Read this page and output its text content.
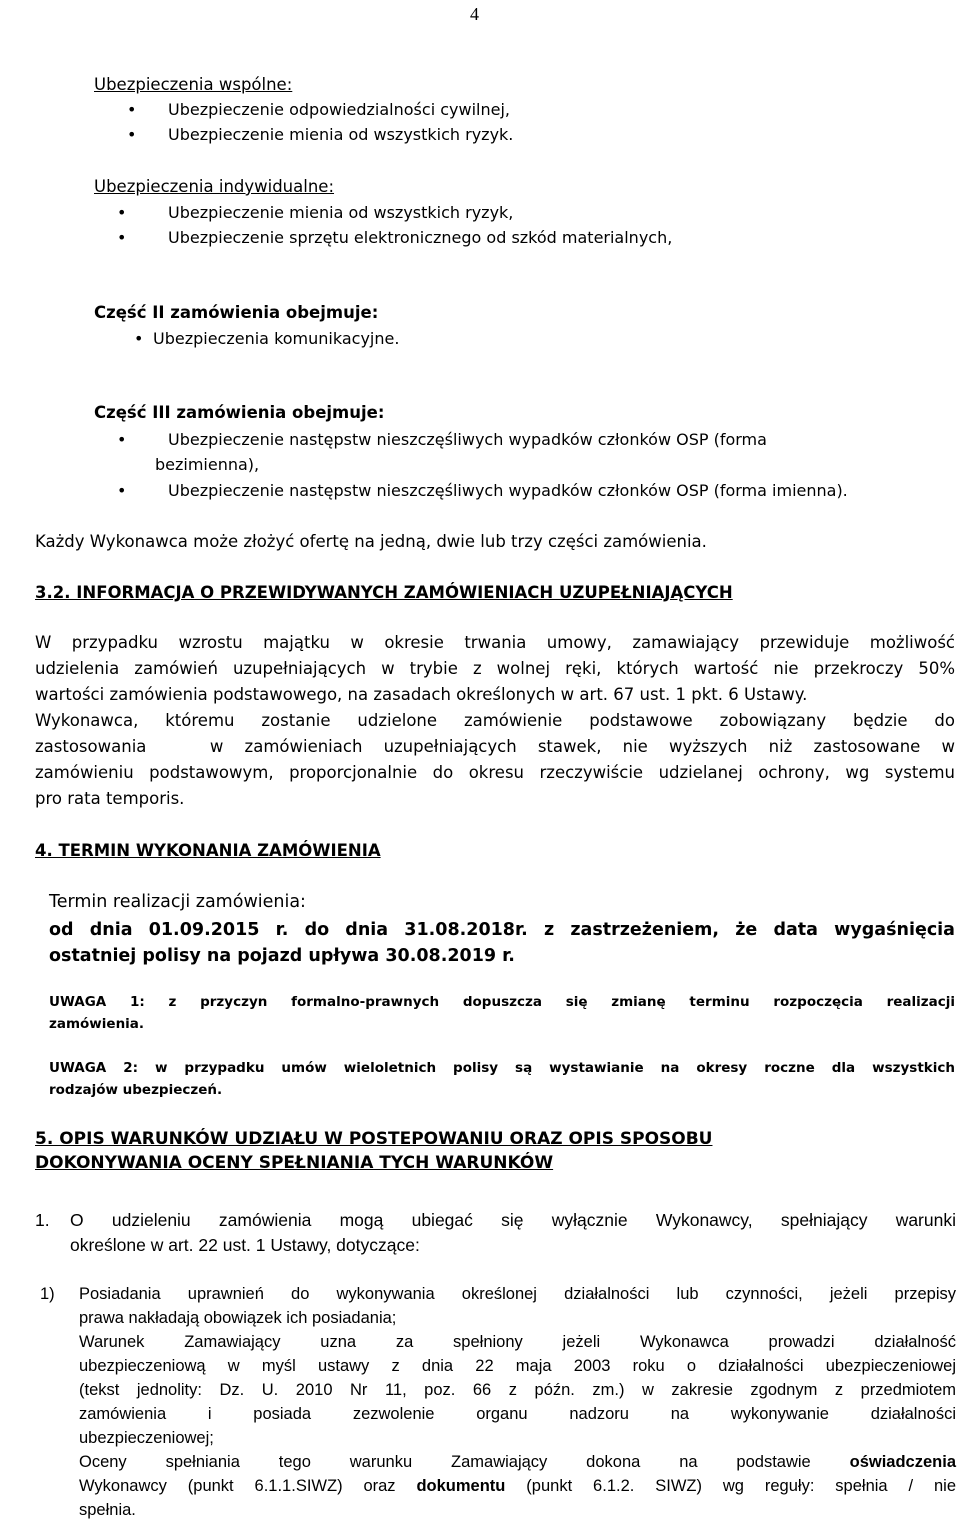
4
Ubezpieczenia wspólne:
• Ubezpieczenie odpowiedzialności cywilnej,
• Ubezpieczenie mienia od wszystkich ryzyk.
Ubezpieczenia indywidualne:
• Ubezpieczenie mienia od wszystkich ryzyk,
• Ubezpieczenie sprzętu elektronicznego od szkód materialnych,
Część II zamówienia obejmuje:
• Ubezpieczenia komunikacyjne.
Część III zamówienia obejmuje:
• Ubezpieczenie następstw nieszczęśliwych wypadków członków OSP (forma
bezimienna),
• Ubezpieczenie następstw nieszczęśliwych wypadków członków OSP (forma imienna).
Każdy Wykonawca może złożyć ofertę na jedną, dwie lub trzy części zamówienia.
3.2. INFORMACJA O PRZEWIDYWANYCH ZAMÓWIENIACH UZUPEŁNIAJĄCYCH
W przypadku wzrostu majątku w okresie trwania umowy, zamawiający przewiduje możliwość
udzielenia zamówień uzupełniających w trybie z wolnej ręki, których wartość nie przekroczy 50%
wartości zamówienia podstawowego, na zasadach określonych w art. 67 ust. 1 pkt. 6 Ustawy.
Wykonawca, któremu zostanie udzielone zamówienie podstawowe zobowiązany będzie do
zastosowania   w zamówieniach uzupełniających stawek, nie wyższych niż zastosowane w
zamówieniu podstawowym, proporcjonalnie do okresu rzeczywiście udzielanej ochrony, wg systemu
pro rata temporis.
4. TERMIN WYKONANIA ZAMÓWIENIA
Termin realizacji zamówienia:
od dnia 01.09.2015 r. do dnia 31.08.2018r. z zastrzeżeniem, że data wygaśnięcia
ostatniej polisy na pojazd upływa 30.08.2019 r.
UWAGA 1: z przyczyn formalno-prawnych dopuszcza się zmianę terminu rozpoczęcia realizacji
zamówienia.
UWAGA 2: w przypadku umów wieloletnich polisy są wystawianie na okresy roczne dla wszystkich
rodzajów ubezpieczeń.
5. OPIS WARUNKÓW UDZIAŁU W POSTEPOWANIU ORAZ OPIS SPOSOBU
DOKONYWANIA OCENY SPEŁNIANIA TYCH WARUNKÓW
1. O udzieleniu zamówienia mogą ubiegać się wyłącznie Wykonawcy, spełniający warunki
określone w art. 22 ust. 1 Ustawy, dotyczące:
1) Posiadania uprawnień do wykonywania określonej działalności lub czynności, jeżeli przepisy
prawa nakładają obowiązek ich posiadania;
Warunek Zamawiający uzna za spełniony jeżeli Wykonawca prowadzi działalność
ubezpieczeniową w myśl ustawy z dnia 22 maja 2003 roku o działalności ubezpieczeniowej
(tekst jednolity: Dz. U. 2010 Nr 11, poz. 66 z późn. zm.) w zakresie zgodnym z przedmiotem
zamówienia i posiada zezwolenie organu nadzoru na wykonywanie działalności
ubezpieczeniowej;
Oceny spełniania tego warunku Zamawiający dokona na podstawie oświadczenia
Wykonawcy (punkt 6.1.1.SIWZ) oraz dokumentu (punkt 6.1.2. SIWZ) wg reguły: spełnia / nie
spełnia.
